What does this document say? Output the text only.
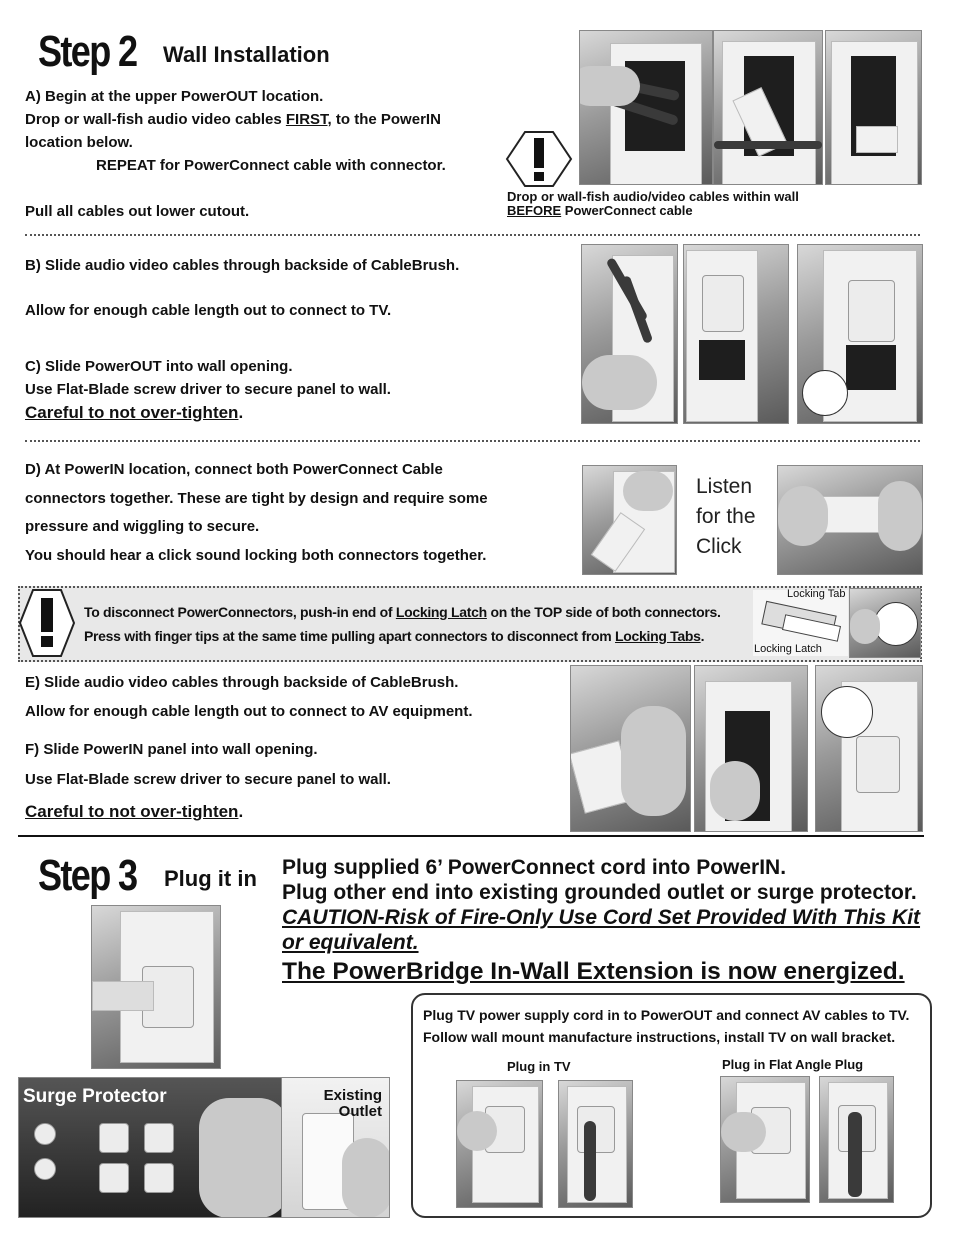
Step 2 Wall Installation
A) Begin at the upper PowerOUT location.
Drop or wall-fish audio video cables FIRST, to the PowerIN
location below.
REPEAT for PowerConnect cable with connector.
Pull all cables out lower cutout.
Drop or wall-fish audio/video cables within wall
BEFORE PowerConnect cable
B) Slide audio video cables through backside of CableBrush.
Allow for enough cable length out to connect to TV.
C) Slide PowerOUT into wall opening.
Use Flat-Blade screw driver to secure panel to wall.
Careful to not over-tighten.
D) At PowerIN location, connect both PowerConnect Cable
connectors together. These are tight by design and require some
pressure and wiggling to secure.
You should hear a click sound locking both connectors together.
Listen
for the
Click
To disconnect PowerConnectors, push-in end of Locking Latch on the TOP side of both connectors.
Press with finger tips at the same time pulling apart connectors to disconnect from Locking Tabs.
Locking Tab
Locking Latch
E) Slide audio video cables through backside of CableBrush.
Allow for enough cable length out to connect to AV equipment.
F) Slide PowerIN panel into wall opening.
Use Flat-Blade screw driver to secure panel to wall.
Careful to not over-tighten.
Step 3 Plug it in Plug supplied 6’ PowerConnect cord into PowerIN.
Plug other end into existing grounded outlet or surge protector.
CAUTION-Risk of Fire-Only Use Cord Set Provided With This Kit
or equivalent.
The PowerBridge In-Wall Extension is now energized.
Surge Protector	Existing
Outlet
Plug TV power supply cord in to PowerOUT and connect AV cables to TV.
Follow wall mount manufacture instructions, install TV on wall bracket.
Plug in TV	Plug in Flat Angle Plug
